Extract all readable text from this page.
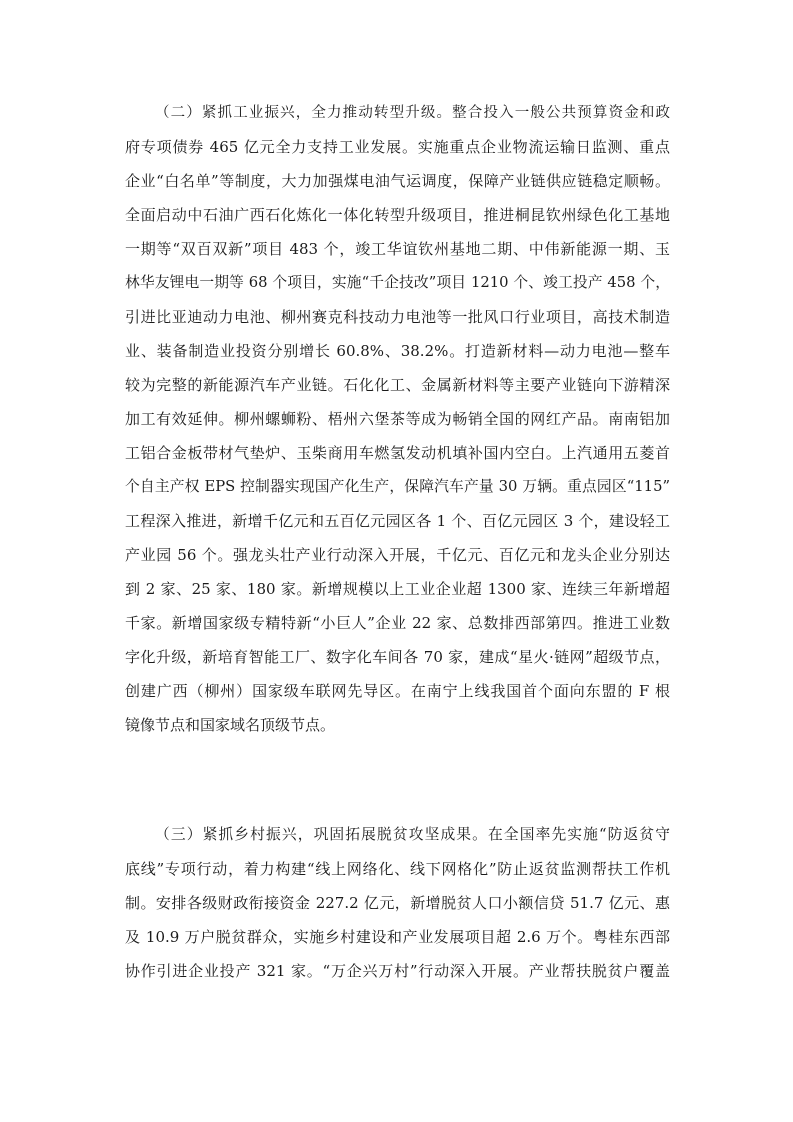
（二）紧抓工业振兴，全力推动转型升级。整合投入一般公共预算资金和政
府专项债券 465 亿元全力支持工业发展。实施重点企业物流运输日监测、重点
企业“白名单”等制度，大力加强煤电油气运调度，保障产业链供应链稳定顺畅。
全面启动中石油广西石化炼化一体化转型升级项目，推进桐昆钦州绿色化工基地
一期等“双百双新”项目 483 个，竣工华谊钦州基地二期、中伟新能源一期、玉
林华友锂电一期等 68 个项目，实施“千企技改”项目 1210 个、竣工投产 458 个，
引进比亚迪动力电池、柳州赛克科技动力电池等一批风口行业项目，高技术制造
业、装备制造业投资分别增长 60.8%、38.2%。打造新材料—动力电池—整车
较为完整的新能源汽车产业链。石化化工、金属新材料等主要产业链向下游精深
加工有效延伸。柳州螺蛳粉、梧州六堡茶等成为畅销全国的网红产品。南南铝加
工铝合金板带材气垫炉、玉柴商用车燃氢发动机填补国内空白。上汽通用五菱首
个自主产权 EPS 控制器实现国产化生产，保障汽车产量 30 万辆。重点园区“115”
工程深入推进，新增千亿元和五百亿元园区各 1 个、百亿元园区 3 个，建设轻工
产业园 56 个。强龙头壮产业行动深入开展，千亿元、百亿元和龙头企业分别达
到 2 家、25 家、180 家。新增规模以上工业企业超 1300 家、连续三年新增超
千家。新增国家级专精特新“小巨人”企业 22 家、总数排西部第四。推进工业数
字化升级，新培育智能工厂、数字化车间各 70 家，建成“星火·链网”超级节点，
创建广西（柳州）国家级车联网先导区。在南宁上线我国首个面向东盟的 F 根
镜像节点和国家域名顶级节点。
（三）紧抓乡村振兴，巩固拓展脱贫攻坚成果。在全国率先实施“防返贫守
底线”专项行动，着力构建“线上网络化、线下网格化”防止返贫监测帮扶工作机
制。安排各级财政衔接资金 227.2 亿元，新增脱贫人口小额信贷 51.7 亿元、惠
及 10.9 万户脱贫群众，实施乡村建设和产业发展项目超 2.6 万个。粤桂东西部
协作引进企业投产 321 家。“万企兴万村”行动深入开展。产业帮扶脱贫户覆盖
